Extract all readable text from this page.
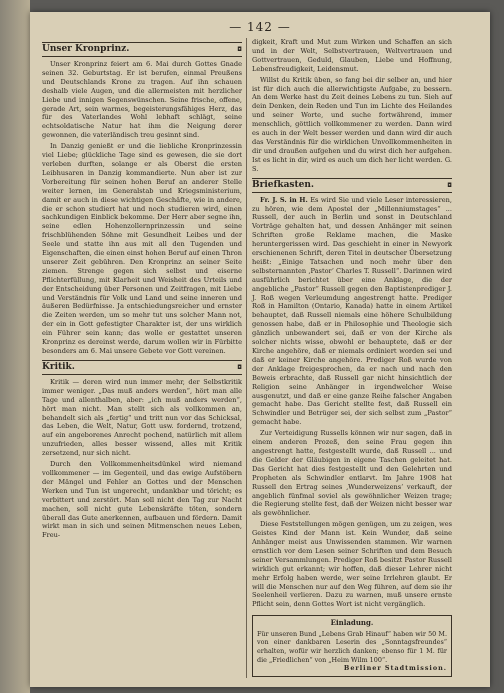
— 142 —
Unser Kronprinz.	◘

Unser Kronprinz feiert am 6. Mai durch Gottes Gnade seinen 32. Geburtstag. Er ist berufen, einmal Preußens und Deutschlands Krone zu tragen. Auf ihn schauen deshalb viele Augen, und die allermeisten mit herzlicher Liebe und innigen Segenswünschen. Seine frische, offene, gerade Art, sein warmes, begeisterungsfähiges Herz, das für des Vaterlandes Wohl lebhaft schlägt, seine echtsoldatische Natur hat ihm die Neigung derer gewonnen, die vaterländisch treu gesinnt sind.

In Danzig genießt er und die liebliche Kronprinzessin viel Liebe; glückliche Tage sind es gewesen, die sie dort verleben durften, solange er als Oberst die ersten Leibhusaren in Danzig kommandierte. Nun aber ist zur Vorbereitung für seinen hohen Beruf an anderer Stelle weiter lernen, im Generalstab und Kriegsministerium, damit er auch in diese wichtigen Geschäfte, wie in andere, die er schon studiert hat und noch studieren wird, einen sachkundigen Einblick bekomme. Der Herr aber segne ihn, seine edlen Hohenzollernprinzessin und seine frischblühenden Söhne mit Gesundheit Leibes und der Seele und statte ihn aus mit all den Tugenden und Eigenschaften, die einen einst hohen Beruf auf einen Thron unserer Zeit gebühren. Den Kronprinz an seiner Seite ziemen. Strenge gegen sich selbst und eiserne Pflichterfüllung, mit Klarheit und Weisheit des Urteils und der Entscheidung über Personen und Zeitfragen, mit Liebe und Verständnis für Volk und Land und seine inneren und äußeren Bedürfnisse. Ja entschiedungsreicher und ernster die Zeiten werden, um so mehr tut uns solcher Mann not, der ein in Gott gefestigter Charakter ist, der uns wirklich ein Führer sein kann; das wolle er gestattet unseren Kronprinz es dereinst werde, darum wollen wir in Fürbitte besonders am 6. Mai unsere Gebete vor Gott vereinen.

Kritik.	◘

Kritik — deren wird nun immer mehr, der Selbstkritik immer weniger. „Das muß anders werden“, hört man alle Tage und allenthalben, aber: „ich muß anders werden“, hört man nicht. Man stellt sich als vollkommen an, behandelt sich als „fertig“ und tritt nun vor das Schicksal, das Leben, die Welt, Natur, Gott usw. fordernd, trotzend, auf ein angeborenes Anrecht pochend, natürlich mit allem unzufrieden, alles besser wissend, alles mit Kritik zersetzend, nur sich nicht.

Durch den Vollkommenheitsdünkel wird niemand vollkommener — im Gegenteil, und das ewige Aufstöbern der Mängel und Fehler an Gottes und der Menschen Werken und Tun ist ungerecht, undankbar und töricht; es verbittert und zerstört. Man soll nicht den Tag zur Nacht machen, soll nicht gute Lebenskräfte töten, sondern überall das Gute anerkennen, aufbauen und fördern. Damit wirkt man in sich und seinen Mitmenschen neues Leben, Freu-

digkeit, Kraft und Mut zum Wirken und Schaffen an sich und in der Welt, Selbstvertrauen, Weltvertrauen und Gottvertrauen, Geduld, Glauben, Liebe und Hoffnung, Lebensfreudigkeit, Leidensmut.

Willst du Kritik üben, so fang bei dir selber an, und hier ist für dich auch die allerwichtigste Aufgabe, zu bessern. An dem Werke hast du Zeit deines Lebens zu tun. Sieh auf dein Denken, dein Reden und Tun im Lichte des Heilandes und seiner Worte, und suche fortwährend, immer menschlich, göttlich vollkommener zu werden. Dann wird es auch in der Welt besser werden und dann wird dir auch das Verständnis für die wirklichen Unvollkommenheiten in dir und draußen aufgehen und du wirst dich her aufgehen. Ist es licht in dir, wird es auch um dich her licht werden. G. S.

Briefkasten.	◘

Fr. J. S. in H. Es wird Sie und viele Leser interessieren, zu hören, wie dem Apostel der „Millenniumstages“ ... Russell, der auch in Berlin und sonst in Deutschland Vorträge gehalten hat, und dessen Anhänger mit seinen Schriften große Reklame machen, die Maske heruntergerissen wird. Das geschieht in einer in Newyork erschienenen Schrift, deren Titel in deutscher Übersetzung heißt: „Einige Tatsachen und noch mehr über den selbsternannten ‚Pastor‘ Charles T. Russell“. Darinnen wird ausführlich berichtet über eine Anklage, die der angebliche „Pastor“ Russell gegen den Baptistenprediger J. J. Roß wegen Verleumdung angestrengt hatte. Prediger Roß in Hamilton (Ontario, Kanada) hatte in einem Artikel behauptet, daß Russell niemals eine höhere Schulbildung genossen habe, daß er in Philosophie und Theologie sich gänzlich unbewandert sei, daß er von der Kirche als solcher nichts wisse, obwohl er behauptete, daß er der Kirche angehöre, daß er niemals ordiniert worden sei und daß er keiner Kirche angehöre. Prediger Roß wurde von der Anklage freigesprochen, da er nach und nach den Beweis erbrachte, daß Russell gar nicht hinsichtlich der Religion seine Anhänger in irgendwelcher Weise ausgenutzt, und daß er eine ganze Reihe falscher Angaben gemacht habe. Das Gericht stellte fest, daß Russell ein Schwindler und Betrüger sei, der sich selbst zum „Pastor“ gemacht habe.

Zur Verteidigung Russells können wir nur sagen, daß in einem anderen Prozeß, den seine Frau gegen ihn angestrengt hatte, festgestellt wurde, daß Russell ... und die Gelder der Gläubigen in eigene Taschen geleitet hat. Das Gericht hat dies festgestellt und den Gelehrten und Propheten als Schwindler entlarvt. Im Jahre 1908 hat Russell den Ertrag seines ‚Wunderweizens‘ verkauft, der angeblich fünfmal soviel als gewöhnlicher Weizen trage; die Regierung stellte fest, daß der Weizen nicht besser war als gewöhnlicher.

Diese Feststellungen mögen genügen, um zu zeigen, wes Geistes Kind der Mann ist. Kein Wunder, daß seine Anhänger meist aus Unwissenden stammen. Wir warnen ernstlich vor dem Lesen seiner Schriften und dem Besuch seiner Versammlungen. Prediger Roß besitzt Pastor Russell wirklich gut erkannt; wir hoffen, daß dieser Lehrer nicht mehr Erfolg haben werde, wer seine Irrlehren glaubt. Er will die Menschen nur auf den Weg führen, auf dem sie ihr Seelenheil verlieren. Dazu zu warnen, muß unsere ernste Pflicht sein, denn Gottes Wort ist nicht vergänglich.

Einladung.
Für unseren Bund „Lebens Grab Hinauf“ haben wir 50 M. von einer dankbaren Leserin des „Sonntagsfreundes“ erhalten, wofür wir herzlich danken; ebenso für 1 M. für die „Friedlichen“ von „Heim Wilm 100“.
Berliner Stadtmission.
